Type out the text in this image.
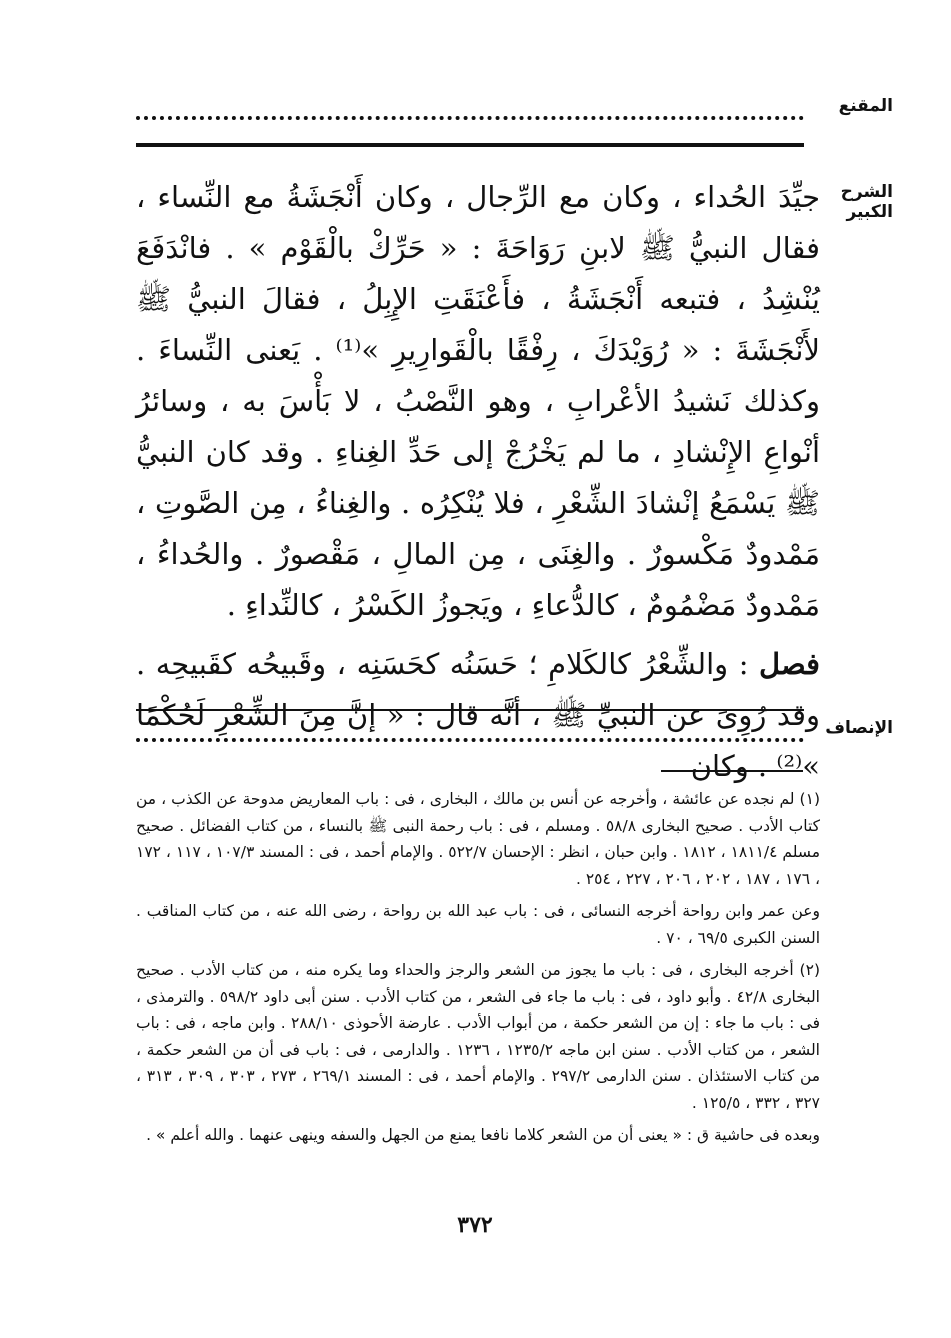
المقنع
الشرح الكبير

جيِّدَ الحُداء ، وكان مع الرِّجال ، وكان أَنْجَشَةُ مع النِّساء ، فقال النبيُّ ﷺ لابنِ رَوَاحَةَ : « حَرِّكْ بالْقَوْم » . فانْدَفَعَ يُنْشِدُ ، فتبعه أَنْجَشَةُ ، فأَعْنَقَتِ الإِبِلُ ، فقالَ النبيُّ ﷺ لأَنْجَشَةَ : « رُوَيْدَكَ ، رِفْقًا بالْقَوارِيرِ »⁽¹⁾ . يَعنى النِّساءَ . وكذلك نَشيدُ الأعْرابِ ، وهو النَّصْبُ ، لا بَأْسَ به ، وسائرُ أنْواعِ الإِنْشادِ ، ما لم يَخْرُجْ إلى حَدِّ الغِناءِ . وقد كان النبيُّ ﷺ يَسْمَعُ إنْشادَ الشِّعْرِ ، فلا يُنْكِرُه . والغِناءُ ، مِن الصَّوتِ ، مَمْدودٌ مَكْسورٌ . والغِنَى ، مِن المالِ ، مَقْصورٌ . والحُداءُ ، مَمْدودٌ مَضْمُومٌ ، كالدُّعاءِ ، ويَجوزُ الكَسْرُ ، كالنِّداءِ .

فصل : والشِّعْرُ كالكَلامِ ؛ حَسَنُه كحَسَنِه ، وقَبيحُه كقَبيحِه . وقد رُوِىَ عن النبيِّ ﷺ ، أنَّه قال : « إنَّ مِنَ الشِّعْرِ لَحُكْمًا »⁽²⁾ . وكان

الإنصاف

(١) لم نجده عن عائشة ، وأخرجه عن أنس بن مالك ، البخارى ، فى : باب المعاريض مدوحة عن الكذب ، من كتاب الأدب . صحيح البخارى ٥٨/٨ . ومسلم ، فى : باب رحمة النبى ﷺ بالنساء ، من كتاب الفضائل . صحيح مسلم ١٨١١/٤ ، ١٨١٢ . وابن حبان ، انظر : الإحسان ٥٢٢/٧ . والإمام أحمد ، فى : المسند ١٠٧/٣ ، ١١٧ ، ١٧٢ ، ١٧٦ ، ١٨٧ ، ٢٠٢ ، ٢٠٦ ، ٢٢٧ ، ٢٥٤ .

وعن عمر وابن رواحة أخرجه النسائى ، فى : باب عبد الله بن رواحة ، رضى الله عنه ، من كتاب المناقب . السنن الكبرى ٦٩/٥ ، ٧٠ .

(٢) أخرجه البخارى ، فى : باب ما يجوز من الشعر والرجز والحداء وما يكره منه ، من كتاب الأدب . صحيح البخارى ٤٢/٨ . وأبو داود ، فى : باب ما جاء فى الشعر ، من كتاب الأدب . سنن أبى داود ٥٩٨/٢ . والترمذى ، فى : باب ما جاء : إن من الشعر حكمة ، من أبواب الأدب . عارضة الأحوذى ٢٨٨/١٠ . وابن ماجه ، فى : باب الشعر ، من كتاب الأدب . سنن ابن ماجه ١٢٣٥/٢ ، ١٢٣٦ . والدارمى ، فى : باب فى أن من الشعر حكمة ، من كتاب الاستئذان . سنن الدارمى ٢٩٧/٢ . والإمام أحمد ، فى : المسند ٢٦٩/١ ، ٢٧٣ ، ٣٠٣ ، ٣٠٩ ، ٣١٣ ، ٣٢٧ ، ٣٣٢ ، ١٢٥/٥ .

وبعده فى حاشية ق : « يعنى أن من الشعر كلاما نافعا يمنع من الجهل والسفه وينهى عنهما . والله أعلم » .

٣٧٢
